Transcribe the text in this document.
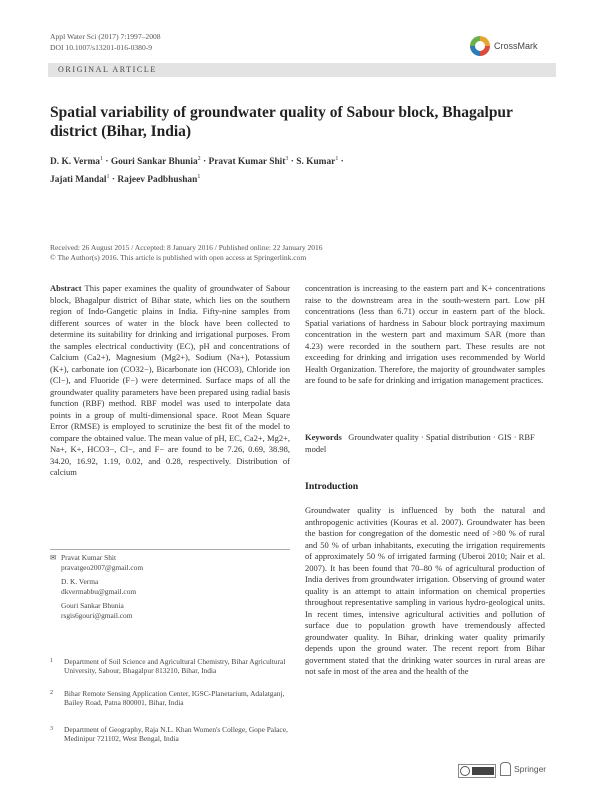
Appl Water Sci (2017) 7:1997–2008
DOI 10.1007/s13201-016-0380-9	CrossMark
ORIGINAL ARTICLE
Spatial variability of groundwater quality of Sabour block, Bhagalpur district (Bihar, India)
D. K. Verma$^1$ · Gouri Sankar Bhunia$^2$ · Pravat Kumar Shit$^3$ · S. Kumar$^1$ ·
Jajati Mandal$^1$ · Rajeev Padbhushan$^1$
Received: 26 August 2015 / Accepted: 8 January 2016 / Published online: 22 January 2016
© The Author(s) 2016. This article is published with open access at Springerlink.com
Abstract This paper examines the quality of groundwater of Sabour block, Bhagalpur district of Bihar state, which lies on the southern region of Indo-Gangetic plains in India. Fifty-nine samples from different sources of water in the block have been collected to determine its suitability for drinking and irrigational purposes. From the samples electrical conductivity (EC), pH and concentrations of Calcium (Ca2+), Magnesium (Mg2+), Sodium (Na+), Potassium (K+), carbonate ion (CO32−), Bicarbonate ion (HCO3), Chloride ion (Cl−), and Fluoride (F−) were determined. Surface maps of all the groundwater quality parameters have been prepared using radial basis function (RBF) method. RBF model was used to interpolate data points in a group of multi-dimensional space. Root Mean Square Error (RMSE) is employed to scrutinize the best fit of the model to compare the obtained value. The mean value of pH, EC, Ca2+, Mg2+, Na+, K+, HCO3−, Cl−, and F− are found to be 7.26, 0.69, 38.98, 34.20, 16.92, 1.19, 0.02, and 0.28, respectively. Distribution of calcium
concentration is increasing to the eastern part and K+ concentrations raise to the downstream area in the south-western part. Low pH concentrations (less than 6.71) occur in eastern part of the block. Spatial variations of hardness in Sabour block portraying maximum concentration in the western part and maximum SAR (more than 4.23) were recorded in the southern part. These results are not exceeding for drinking and irrigation uses recommended by World Health Organization. Therefore, the majority of groundwater samples are found to be safe for drinking and irrigation management practices.
Keywords Groundwater quality · Spatial distribution · GIS · RBF model
Introduction
Groundwater quality is influenced by both the natural and anthropogenic activities (Kouras et al. 2007). Groundwater has been the bastion for congregation of the domestic need of >80 % of rural and 50 % of urban inhabitants, executing the irrigation requirements of approximately 50 % of irrigated farming (Uberoi 2010; Nair et al. 2007). It has been found that 70–80 % of agricultural production of India derives from groundwater irrigation. Observing of ground water quality is an attempt to attain information on chemical properties throughout representative sampling in various hydro-geological units. In recent times, intensive agricultural activities and pollution of surface due to population growth have tremendously affected groundwater quality. In Bihar, drinking water quality primarily depends upon the ground water. The recent report from Bihar government stated that the drinking water sources in rural areas are not safe in most of the area and the health of the
✉ Pravat Kumar Shit
pravatgeo2007@gmail.com
D. K. Verma
dkvermabbu@gmail.com
Gouri Sankar Bhunia
rsgis6gouri@gmail.com
1 Department of Soil Science and Agricultural Chemistry, Bihar Agricultural University, Sabour, Bhagalpur 813210, Bihar, India
2 Bihar Remote Sensing Application Center, IGSC-Planetarium, Adalatganj, Bailey Road, Patna 800001, Bihar, India
3 Department of Geography, Raja N.L. Khan Women's College, Gope Palace, Medinipur 721102, West Bengal, India
Springer
